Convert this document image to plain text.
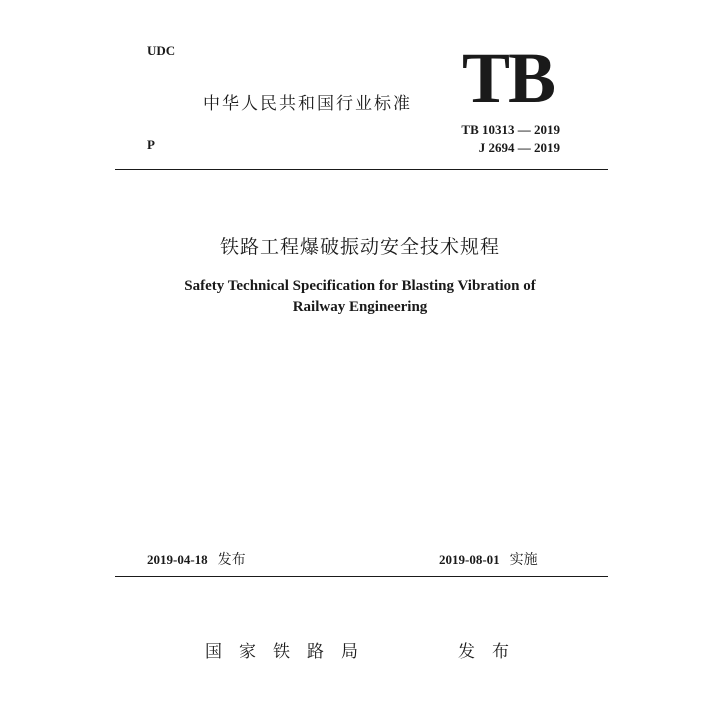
UDC
中华人民共和国行业标准 TB
TB 10313 — 2019
J 2694 — 2019
P
铁路工程爆破振动安全技术规程
Safety Technical Specification for Blasting Vibration of
Railway Engineering
2019-04-18 发布	2019-08-01 实施
国家铁路局	发布
